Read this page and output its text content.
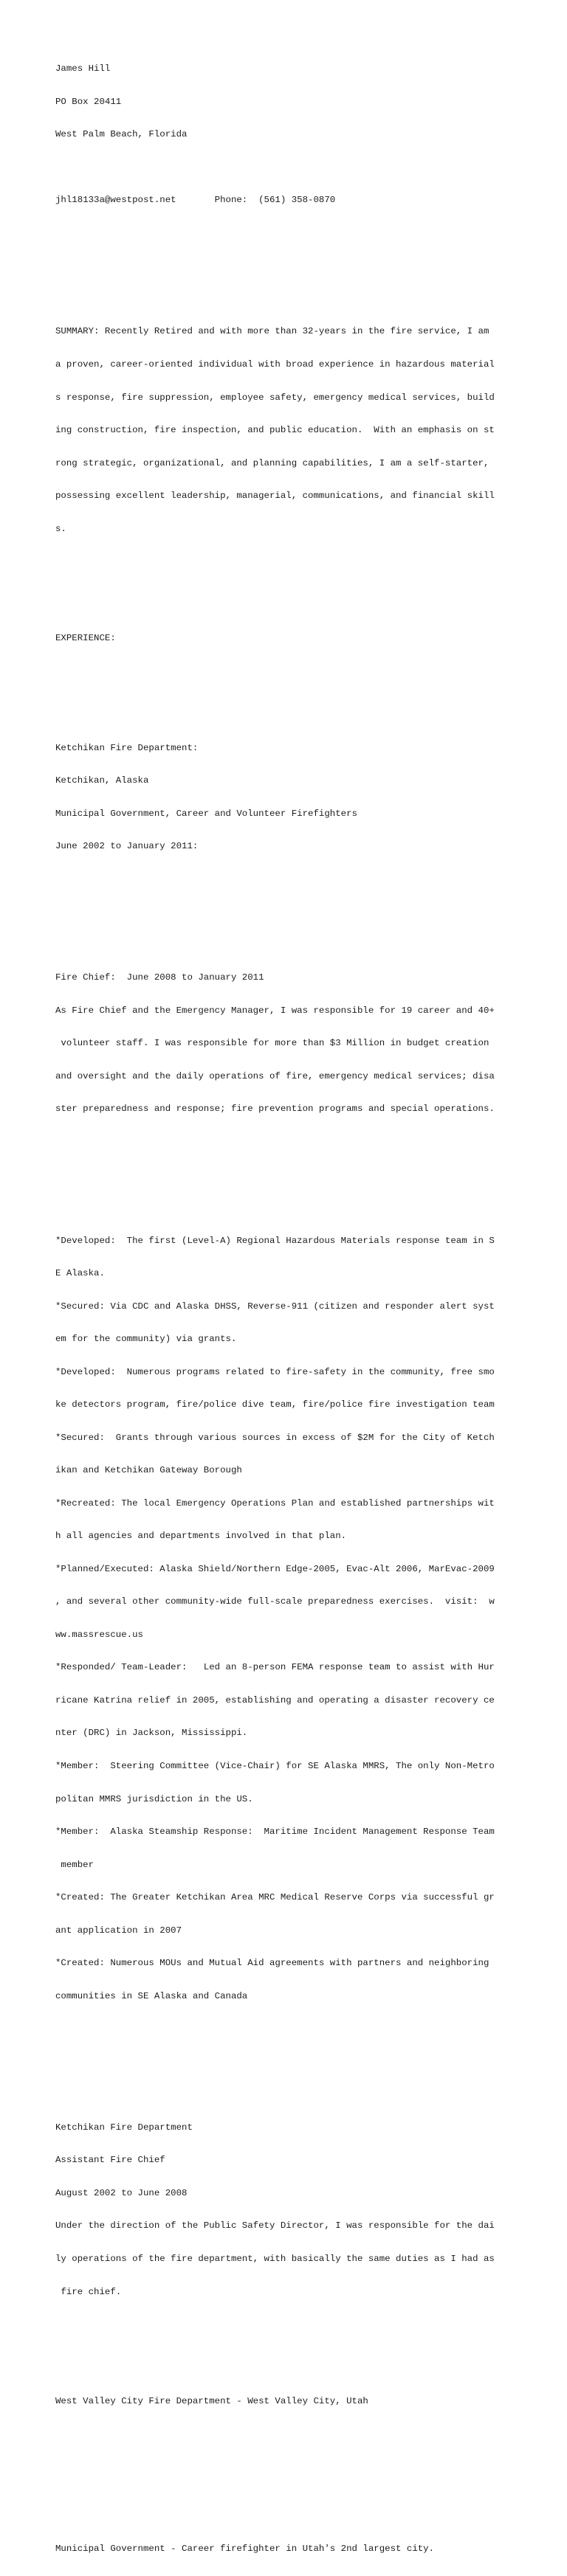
James Hill

PO Box 20411

West Palm Beach, Florida

jhl18133a@westpost.net       Phone:  (561) 358-0870

SUMMARY: Recently Retired and with more than 32-years in the fire service, I am

a proven, career-oriented individual with broad experience in hazardous material

s response, fire suppression, employee safety, emergency medical services, build

ing construction, fire inspection, and public education.  With an emphasis on st

rong strategic, organizational, and planning capabilities, I am a self-starter,

possessing excellent leadership, managerial, communications, and financial skill

s.

EXPERIENCE:

Ketchikan Fire Department:

Ketchikan, Alaska

Municipal Government, Career and Volunteer Firefighters

June 2002 to January 2011:

Fire Chief:  June 2008 to January 2011

As Fire Chief and the Emergency Manager, I was responsible for 19 career and 40+

volunteer staff. I was responsible for more than $3 Million in budget creation

and oversight and the daily operations of fire, emergency medical services; disa

ster preparedness and response; fire prevention programs and special operations.

*Developed:  The first (Level-A) Regional Hazardous Materials response team in S

E Alaska.

*Secured: Via CDC and Alaska DHSS, Reverse-911 (citizen and responder alert syst

em for the community) via grants.

*Developed:  Numerous programs related to fire-safety in the community, free smo

ke detectors program, fire/police dive team, fire/police fire investigation team

*Secured:  Grants through various sources in excess of $2M for the City of Ketch

ikan and Ketchikan Gateway Borough

*Recreated: The local Emergency Operations Plan and established partnerships wit

h all agencies and departments involved in that plan.

*Planned/Executed: Alaska Shield/Northern Edge-2005, Evac-Alt 2006, MarEvac-2009

, and several other community-wide full-scale preparedness exercises.  visit:  w

ww.massrescue.us

*Responded/ Team-Leader:   Led an 8-person FEMA response team to assist with Hur

ricane Katrina relief in 2005, establishing and operating a disaster recovery ce

nter (DRC) in Jackson, Mississippi.

*Member:  Steering Committee (Vice-Chair) for SE Alaska MMRS, The only Non-Metro

politan MMRS jurisdiction in the US.

*Member:  Alaska Steamship Response:  Maritime Incident Management Response Team

member

*Created: The Greater Ketchikan Area MRC Medical Reserve Corps via successful gr

ant application in 2007

*Created: Numerous MOUs and Mutual Aid agreements with partners and neighboring

communities in SE Alaska and Canada

Ketchikan Fire Department

Assistant Fire Chief

August 2002 to June 2008

Under the direction of the Public Safety Director, I was responsible for the dai

ly operations of the fire department, with basically the same duties as I had as

fire chief.

West Valley City Fire Department - West Valley City, Utah

Municipal Government - Career firefighter in Utah's 2nd largest city.
